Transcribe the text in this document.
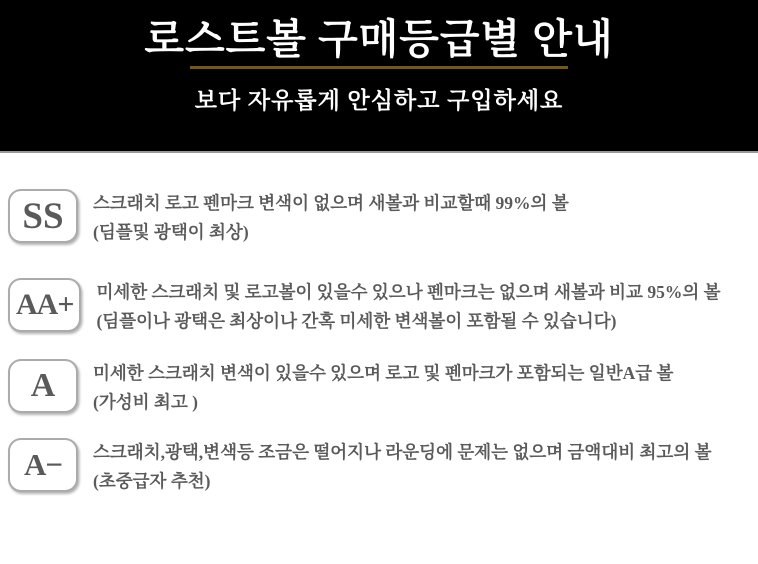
로스트볼 구매등급별 안내

보다 자유롭게 안심하고 구입하세요

SS 스크래치 로고 펜마크 변색이 없으며 새볼과 비교할때 99%의 볼

(딤플및 광택이 최상)

AA+ 미세한 스크래치 및 로고볼이 있을수 있으나 펜마크는 없으며 새볼과 비교 95%의 볼

(딤플이나 광택은 최상이나 간혹 미세한 변색볼이 포함될 수 있습니다)

A 미세한 스크래치 변색이 있을수 있으며 로고 및 펜마크가 포함되는 일반A급 볼

(가성비 최고 )

A− 스크래치,광택,변색등 조금은 떨어지나 라운딩에 문제는 없으며 금액대비 최고의 볼

(초중급자 추천)
